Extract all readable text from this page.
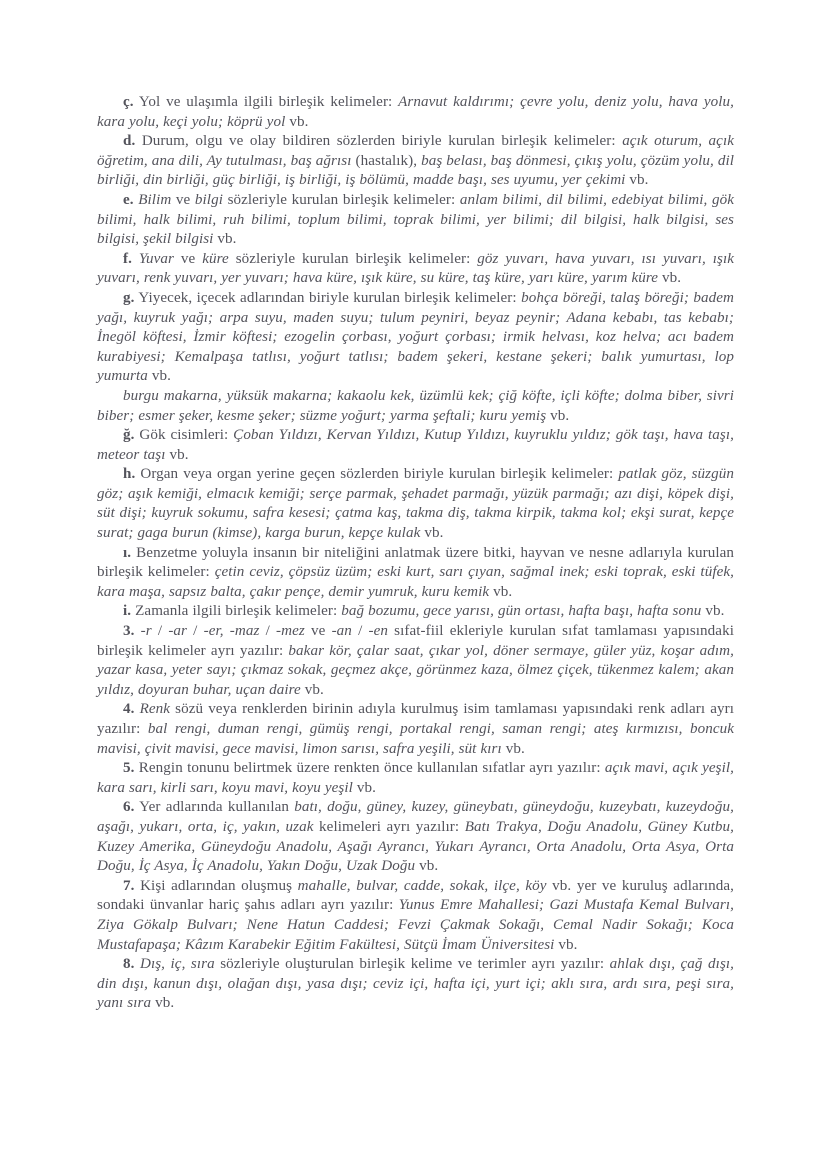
ç. Yol ve ulaşımla ilgili birleşik kelimeler: Arnavut kaldırımı; çevre yolu, deniz yolu, hava yolu, kara yolu, keçi yolu; köprü yol vb.

d. Durum, olgu ve olay bildiren sözlerden biriyle kurulan birleşik kelimeler: açık oturum, açık öğretim, ana dili, Ay tutulması, baş ağrısı (hastalık), baş belası, baş dönmesi, çıkış yolu, çözüm yolu, dil birliği, din birliği, güç birliği, iş birliği, iş bölümü, madde başı, ses uyumu, yer çekimi vb.

e. Bilim ve bilgi sözleriyle kurulan birleşik kelimeler: anlam bilimi, dil bilimi, edebiyat bilimi, gök bilimi, halk bilimi, ruh bilimi, toplum bilimi, toprak bilimi, yer bilimi; dil bilgisi, halk bilgisi, ses bilgisi, şekil bilgisi vb.

f. Yuvar ve küre sözleriyle kurulan birleşik kelimeler: göz yuvarı, hava yuvarı, ısı yuvarı, ışık yuvarı, renk yuvarı, yer yuvarı; hava küre, ışık küre, su küre, taş küre, yarı küre, yarım küre vb.

g. Yiyecek, içecek adlarından biriyle kurulan birleşik kelimeler: bohça böreği, talaş böreği; badem yağı, kuyruk yağı; arpa suyu, maden suyu; tulum peyniri, beyaz peynir; Adana kebabı, tas kebabı; İnegöl köftesi, İzmir köftesi; ezogelin çorbası, yoğurt çorbası; irmik helvası, koz helva; acı badem kurabiyesi; Kemalpaşa tatlısı, yoğurt tatlısı; badem şekeri, kestane şekeri; balık yumurtası, lop yumurta vb.

burgu makarna, yüksük makarna; kakaolu kek, üzümlü kek; çiğ köfte, içli köfte; dolma biber, sivri biber; esmer şeker, kesme şeker; süzme yoğurt; yarma şeftali; kuru yemiş vb.

ğ. Gök cisimleri: Çoban Yıldızı, Kervan Yıldızı, Kutup Yıldızı, kuyruklu yıldız; gök taşı, hava taşı, meteor taşı vb.

h. Organ veya organ yerine geçen sözlerden biriyle kurulan birleşik kelimeler: patlak göz, süzgün göz; aşık kemiği, elmacık kemiği; serçe parmak, şehadet parmağı, yüzük parmağı; azı dişi, köpek dişi, süt dişi; kuyruk sokumu, safra kesesi; çatma kaş, takma diş, takma kirpik, takma kol; ekşi surat, kepçe surat; gaga burun (kimse), karga burun, kepçe kulak vb.

ı. Benzetme yoluyla insanın bir niteliğini anlatmak üzere bitki, hayvan ve nesne adlarıyla kurulan birleşik kelimeler: çetin ceviz, çöpsüz üzüm; eski kurt, sarı çıyan, sağmal inek; eski toprak, eski tüfek, kara maşa, sapsız balta, çakır pençe, demir yumruk, kuru kemik vb.

i. Zamanla ilgili birleşik kelimeler: bağ bozumu, gece yarısı, gün ortası, hafta başı, hafta sonu vb.

3. -r / -ar / -er, -maz / -mez ve -an / -en sıfat-fiil ekleriyle kurulan sıfat tamlaması yapısındaki birleşik kelimeler ayrı yazılır: bakar kör, çalar saat, çıkar yol, döner sermaye, güler yüz, koşar adım, yazar kasa, yeter sayı; çıkmaz sokak, geçmez akçe, görünmez kaza, ölmez çiçek, tükenmez kalem; akan yıldız, doyuran buhar, uçan daire vb.

4. Renk sözü veya renklerden birinin adıyla kurulmuş isim tamlaması yapısındaki renk adları ayrı yazılır: bal rengi, duman rengi, gümüş rengi, portakal rengi, saman rengi; ateş kırmızısı, boncuk mavisi, çivit mavisi, gece mavisi, limon sarısı, safra yeşili, süt kırı vb.

5. Rengin tonunu belirtmek üzere renkten önce kullanılan sıfatlar ayrı yazılır: açık mavi, açık yeşil, kara sarı, kirli sarı, koyu mavi, koyu yeşil vb.

6. Yer adlarında kullanılan batı, doğu, güney, kuzey, güneybatı, güneydoğu, kuzeybatı, kuzeydoğu, aşağı, yukarı, orta, iç, yakın, uzak kelimeleri ayrı yazılır: Batı Trakya, Doğu Anadolu, Güney Kutbu, Kuzey Amerika, Güneydoğu Anadolu, Aşağı Ayrancı, Yukarı Ayrancı, Orta Anadolu, Orta Asya, Orta Doğu, İç Asya, İç Anadolu, Yakın Doğu, Uzak Doğu vb.

7. Kişi adlarından oluşmuş mahalle, bulvar, cadde, sokak, ilçe, köy vb. yer ve kuruluş adlarında, sondaki ünvanlar hariç şahıs adları ayrı yazılır: Yunus Emre Mahallesi; Gazi Mustafa Kemal Bulvarı, Ziya Gökalp Bulvarı; Nene Hatun Caddesi; Fevzi Çakmak Sokağı, Cemal Nadir Sokağı; Koca Mustafapaşa; Kâzım Karabekir Eğitim Fakültesi, Sütçü İmam Üniversitesi vb.

8. Dış, iç, sıra sözleriyle oluşturulan birleşik kelime ve terimler ayrı yazılır: ahlak dışı, çağ dışı, din dışı, kanun dışı, olağan dışı, yasa dışı; ceviz içi, hafta içi, yurt içi; aklı sıra, ardı sıra, peşi sıra, yanı sıra vb.
